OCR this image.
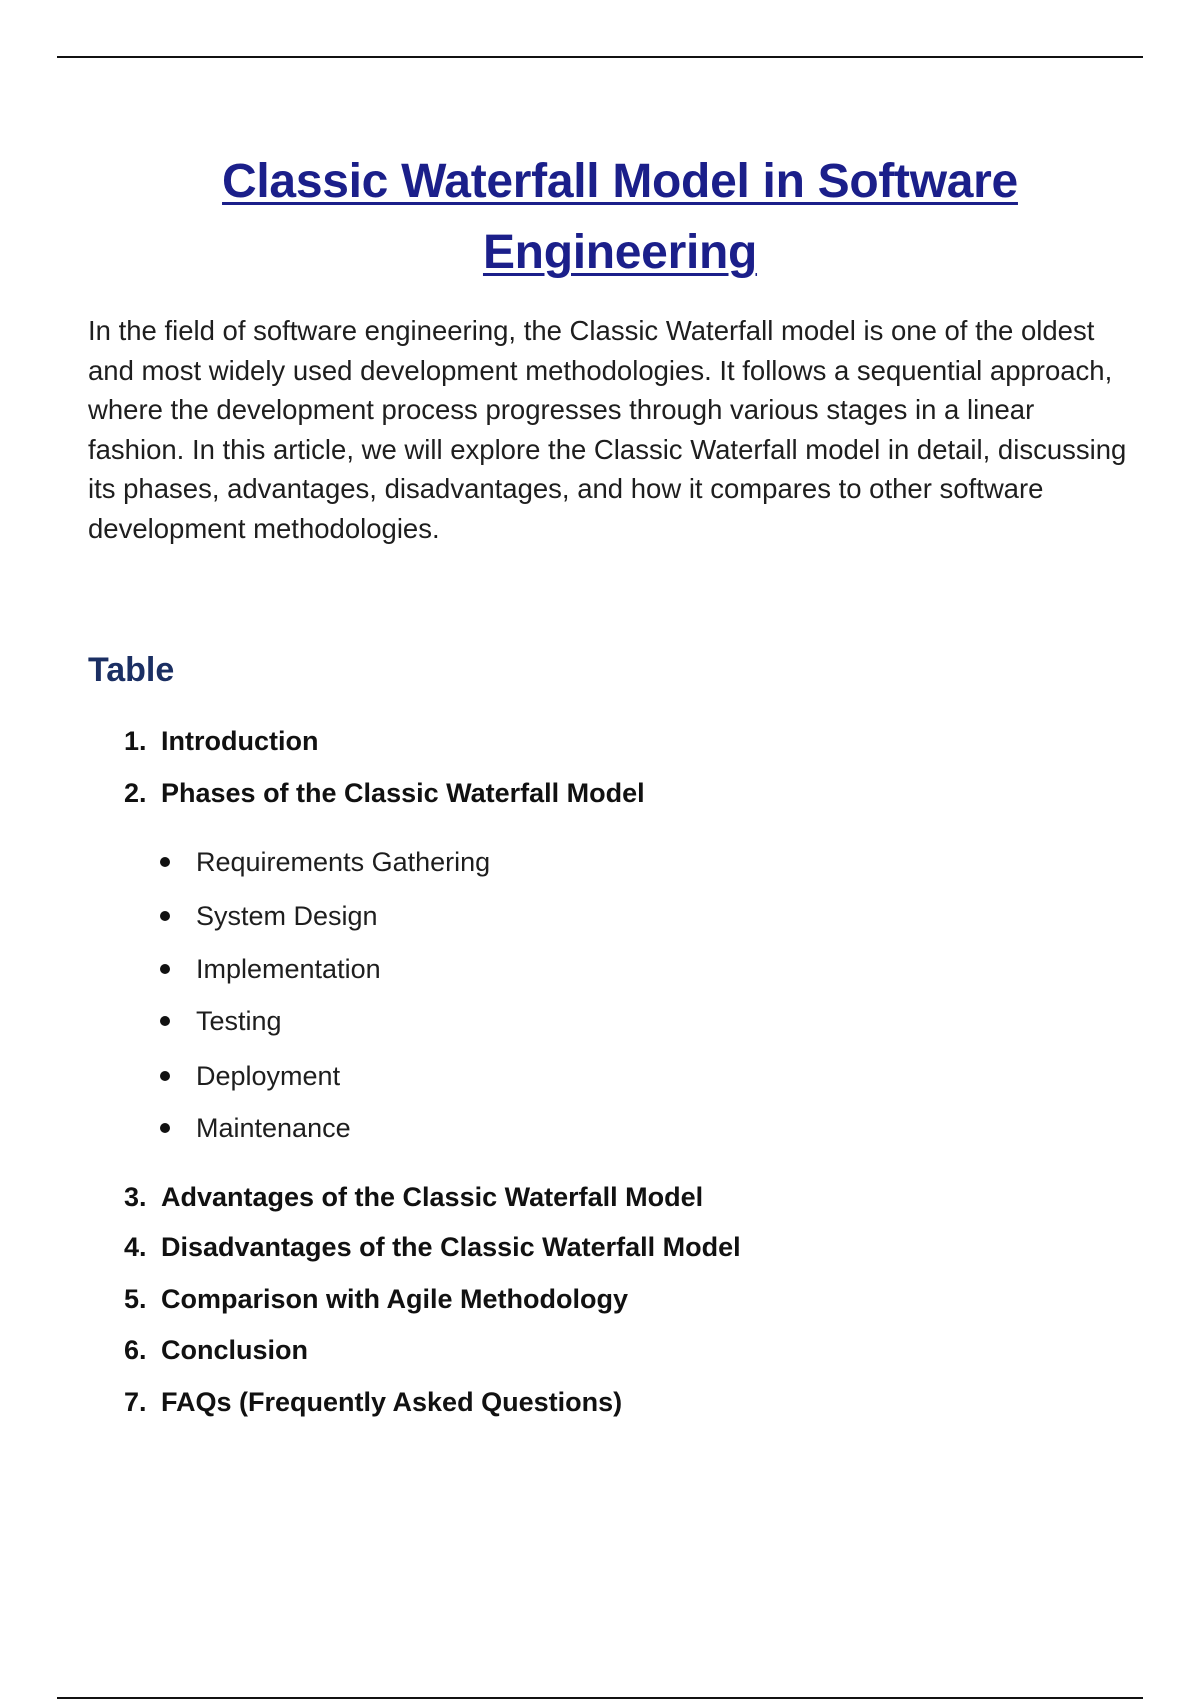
Classic Waterfall Model in Software
Engineering

In the field of software engineering, the Classic Waterfall model is one of the oldest and most widely used development methodologies. It follows a sequential approach, where the development process progresses through various stages in a linear fashion. In this article, we will explore the Classic Waterfall model in detail, discussing its phases, advantages, disadvantages, and how it compares to other software development methodologies.

Table

1. Introduction

2. Phases of the Classic Waterfall Model

Requirements Gathering

System Design

Implementation

Testing

Deployment

Maintenance

3. Advantages of the Classic Waterfall Model

4. Disadvantages of the Classic Waterfall Model

5. Comparison with Agile Methodology

6. Conclusion

7. FAQs (Frequently Asked Questions)
